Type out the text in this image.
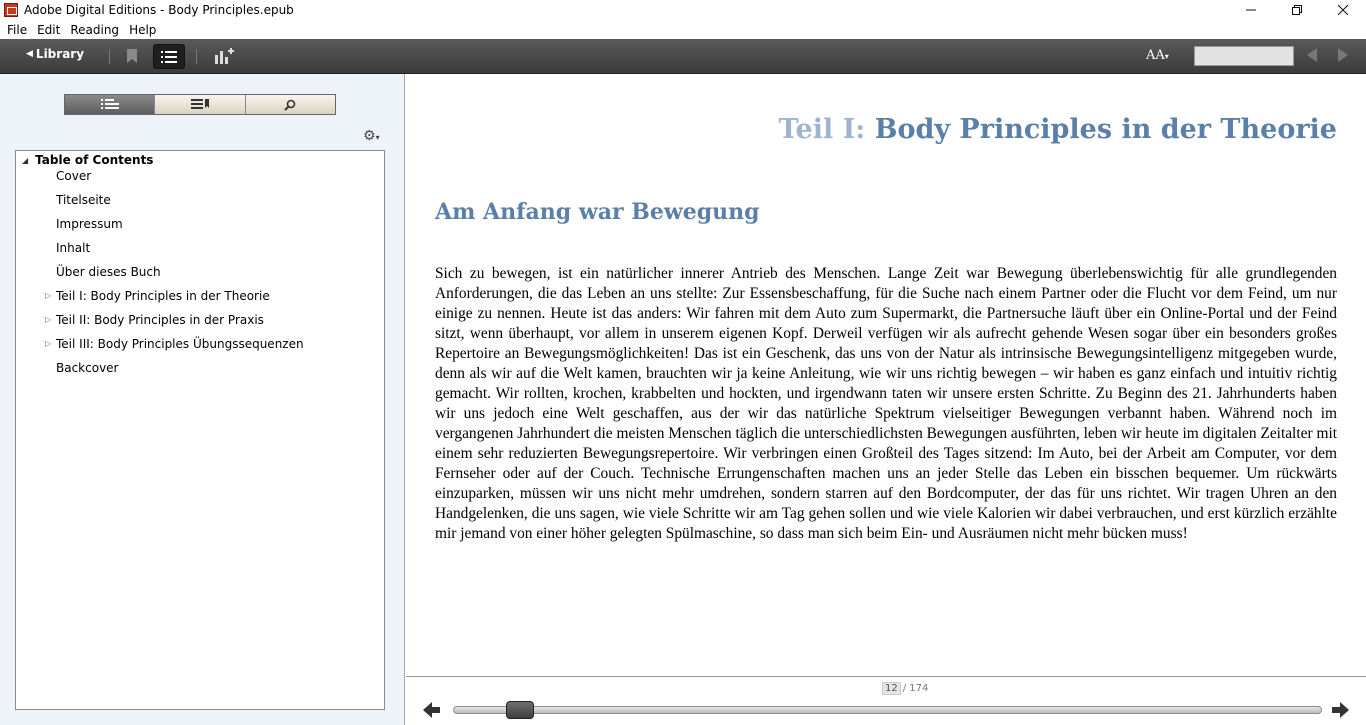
Adobe Digital Editions - Body Principles.epub
File Edit Reading Help
◀ Library	AA▾
⚙▾
◢ Table of Contents
Cover
Titelseite
Impressum
Inhalt
Über dieses Buch
▷ Teil I: Body Principles in der Theorie
▷ Teil II: Body Principles in der Praxis
▷ Teil III: Body Principles Übungssequenzen
Backcover
Teil I: Body Principles in der Theorie
Am Anfang war Bewegung

Sich zu bewegen, ist ein natürlicher innerer Antrieb des Menschen. Lange Zeit war Bewegung überlebenswichtig für alle grundlegenden Anforderungen, die das Leben an uns stellte: Zur Essensbeschaffung, für die Suche nach einem Partner oder die Flucht vor dem Feind, um nur einige zu nennen. Heute ist das anders: Wir fahren mit dem Auto zum Supermarkt, die Partnersuche läuft über ein Online-Portal und der Feind sitzt, wenn überhaupt, vor allem in unserem eigenen Kopf. Derweil verfügen wir als aufrecht gehende Wesen sogar über ein besonders großes Repertoire an Bewegungsmöglichkeiten! Das ist ein Geschenk, das uns von der Natur als intrinsische Bewegungsintelligenz mitgegeben wurde, denn als wir auf die Welt kamen, brauchten wir ja keine Anleitung, wie wir uns richtig bewegen – wir haben es ganz einfach und intuitiv richtig gemacht. Wir rollten, krochen, krabbelten und hockten, und irgendwann taten wir unsere ersten Schritte. Zu Beginn des 21. Jahrhunderts haben wir uns jedoch eine Welt geschaffen, aus der wir das natürliche Spektrum vielseitiger Bewegungen verbannt haben. Während noch im vergangenen Jahrhundert die meisten Menschen täglich die unterschiedlichsten Bewegungen ausführten, leben wir heute im digitalen Zeitalter mit einem sehr reduzierten Bewegungsrepertoire. Wir verbringen einen Großteil des Tages sitzend: Im Auto, bei der Arbeit am Computer, vor dem Fernseher oder auf der Couch. Technische Errungenschaften machen uns an jeder Stelle das Leben ein bisschen bequemer. Um rückwärts einzuparken, müssen wir uns nicht mehr umdrehen, sondern starren auf den Bordcomputer, der das für uns richtet. Wir tragen Uhren an den Handgelenken, die uns sagen, wie viele Schritte wir am Tag gehen sollen und wie viele Kalorien wir dabei verbrauchen, und erst kürzlich erzählte mir jemand von einer höher gelegten Spülmaschine, so dass man sich beim Ein- und Ausräumen nicht mehr bücken muss!

12 / 174
